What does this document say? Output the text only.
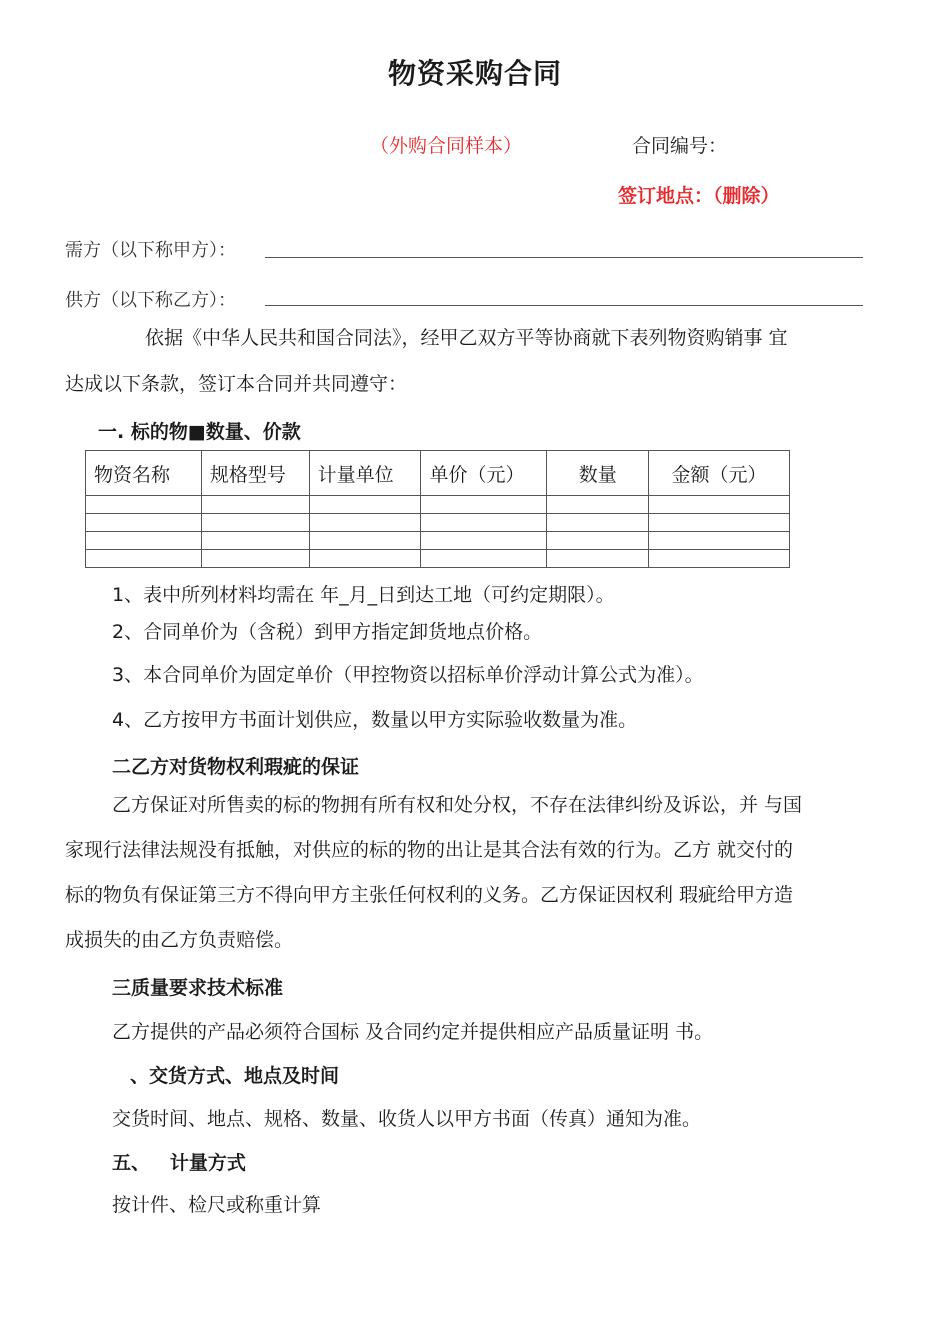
物资采购合同
（外购合同样本）	合同编号：
签订地点：（删除）
需方（以下称甲方）：
供方（以下称乙方）：
依据《中华人民共和国合同法》，经甲乙双方平等协商就下表列物资购销事 宜
达成以下条款，签订本合同并共同遵守：
一. 标的物■数量、价款
物资名称	规格型号	计量单位	单价（元）	数量	金额（元）

1、表中所列材料均需在 年_月_日到达工地（可约定期限）。
2、合同单价为（含税）到甲方指定卸货地点价格。
3、本合同单价为固定单价（甲控物资以招标单价浮动计算公式为准）。
4、乙方按甲方书面计划供应，数量以甲方实际验收数量为准。
二乙方对货物权利瑕疵的保证
乙方保证对所售卖的标的物拥有所有权和处分权，不存在法律纠纷及诉讼，并 与国
家现行法律法规没有抵触，对供应的标的物的出让是其合法有效的行为。乙方 就交付的
标的物负有保证第三方不得向甲方主张任何权利的义务。乙方保证因权利 瑕疵给甲方造
成损失的由乙方负责赔偿。
三质量要求技术标准
乙方提供的产品必须符合国标 及合同约定并提供相应产品质量证明 书。
、交货方式、地点及时间
交货时间、地点、规格、数量、收货人以甲方书面（传真）通知为准。
五、   计量方式
按计件、检尺或称重计算
